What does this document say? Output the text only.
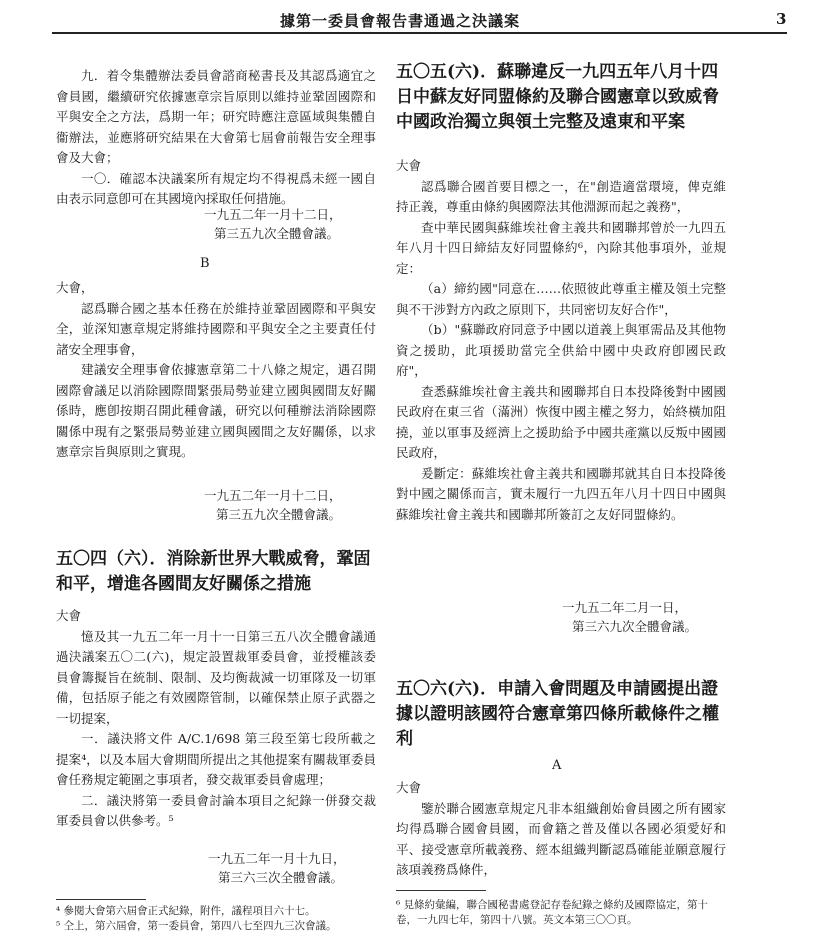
據第一委員會報告書通過之決議案	3

九．着令集體辦法委員會諮商秘書長及其認爲適宜之會員國，繼續研究依據憲章宗旨原則以維持並鞏固國際和平與安全之方法，爲期一年；研究時應注意區域與集體自衞辦法，並應將研究結果在大會第七屆會前報告安全理事會及大會；

一〇．確認本決議案所有規定均不得視爲未經一國自由表示同意卽可在其國境內採取任何措施。

一九五二年一月十二日，
第三五九次全體會議。
B

大會，

認爲聯合國之基本任務在於維持並鞏固國際和平與安全，並深知憲章規定將維持國際和平與安全之主要責任付諸安全理事會，

建議安全理事會依據憲章第二十八條之規定，遇召開國際會議足以消除國際間緊張局勢並建立國與國間友好關係時，應卽按期召開此種會議，研究以何種辦法消除國際關係中現有之緊張局勢並建立國與國間之友好關係，以求憲章宗旨與原則之實現。

一九五二年一月十二日，
第三五九次全體會議。
五〇四（六）．消除新世界大戰威脅，鞏固和平，增進各國間友好關係之措施

大會

憶及其一九五二年一月十一日第三五八次全體會議通過決議案五〇二(六)，規定設置裁軍委員會，並授權該委員會籌擬旨在統制、限制、及均衡裁減一切軍隊及一切軍備，包括原子能之有效國際管制，以確保禁止原子武器之一切提案，

一．議決將文件 A/C.1/698 第三段至第七段所載之提案⁴，以及本屆大會期間所提出之其他提案有關裁軍委員會任務規定範圍之事項者，發交裁軍委員會處理；

二．議決將第一委員會討論本項目之紀錄一併發交裁軍委員會以供參考。⁵

一九五二年一月十九日，
第三六三次全體會議。
⁴ 參閱大會第六屆會正式紀錄，附件，議程項目六十七。
⁵ 仝上，第六屆會，第一委員會，第四八七至四九三次會議。
五〇五(六)．蘇聯違反一九四五年八月十四日中蘇友好同盟條約及聯合國憲章以致威脅中國政治獨立與領土完整及遠東和平案

大會

認爲聯合國首要目標之一，在"創造適當環境，俾克維持正義，尊重由條約與國際法其他淵源而起之義務"，

查中華民國與蘇維埃社會主義共和國聯邦曾於一九四五年八月十四日締結友好同盟條約⁶，內除其他事項外，並規定：

（a）締約國"同意在……依照彼此尊重主權及領土完整與不干涉對方內政之原則下，共同密切友好合作"，

（b）"蘇聯政府同意予中國以道義上與軍需品及其他物資之援助，此項援助當完全供給中國中央政府卽國民政府"，

查悉蘇維埃社會主義共和國聯邦自日本投降後對中國國民政府在東三省（滿洲）恢復中國主權之努力，始終橫加阻撓，並以軍事及經濟上之援助給予中國共產黨以反叛中國國民政府，

爰斷定：蘇維埃社會主義共和國聯邦就其自日本投降後對中國之關係而言，實未履行一九四五年八月十四日中國與蘇維埃社會主義共和國聯邦所簽訂之友好同盟條約。

一九五二年二月一日，
第三六九次全體會議。
五〇六(六)．申請入會問題及申請國提出證據以證明該國符合憲章第四條所載條件之權利
A

大會

鑒於聯合國憲章規定凡非本組織創始會員國之所有國家均得爲聯合國會員國，而會籍之普及僅以各國必須愛好和平、接受憲章所載義務、經本組織判斷認爲確能並願意履行該項義務爲條件，

⁶ 見條約彙編，聯合國秘書處登記存卷紀錄之條約及國際協定，第十卷，一九四七年，第四十八號。英文本第三〇〇頁。
